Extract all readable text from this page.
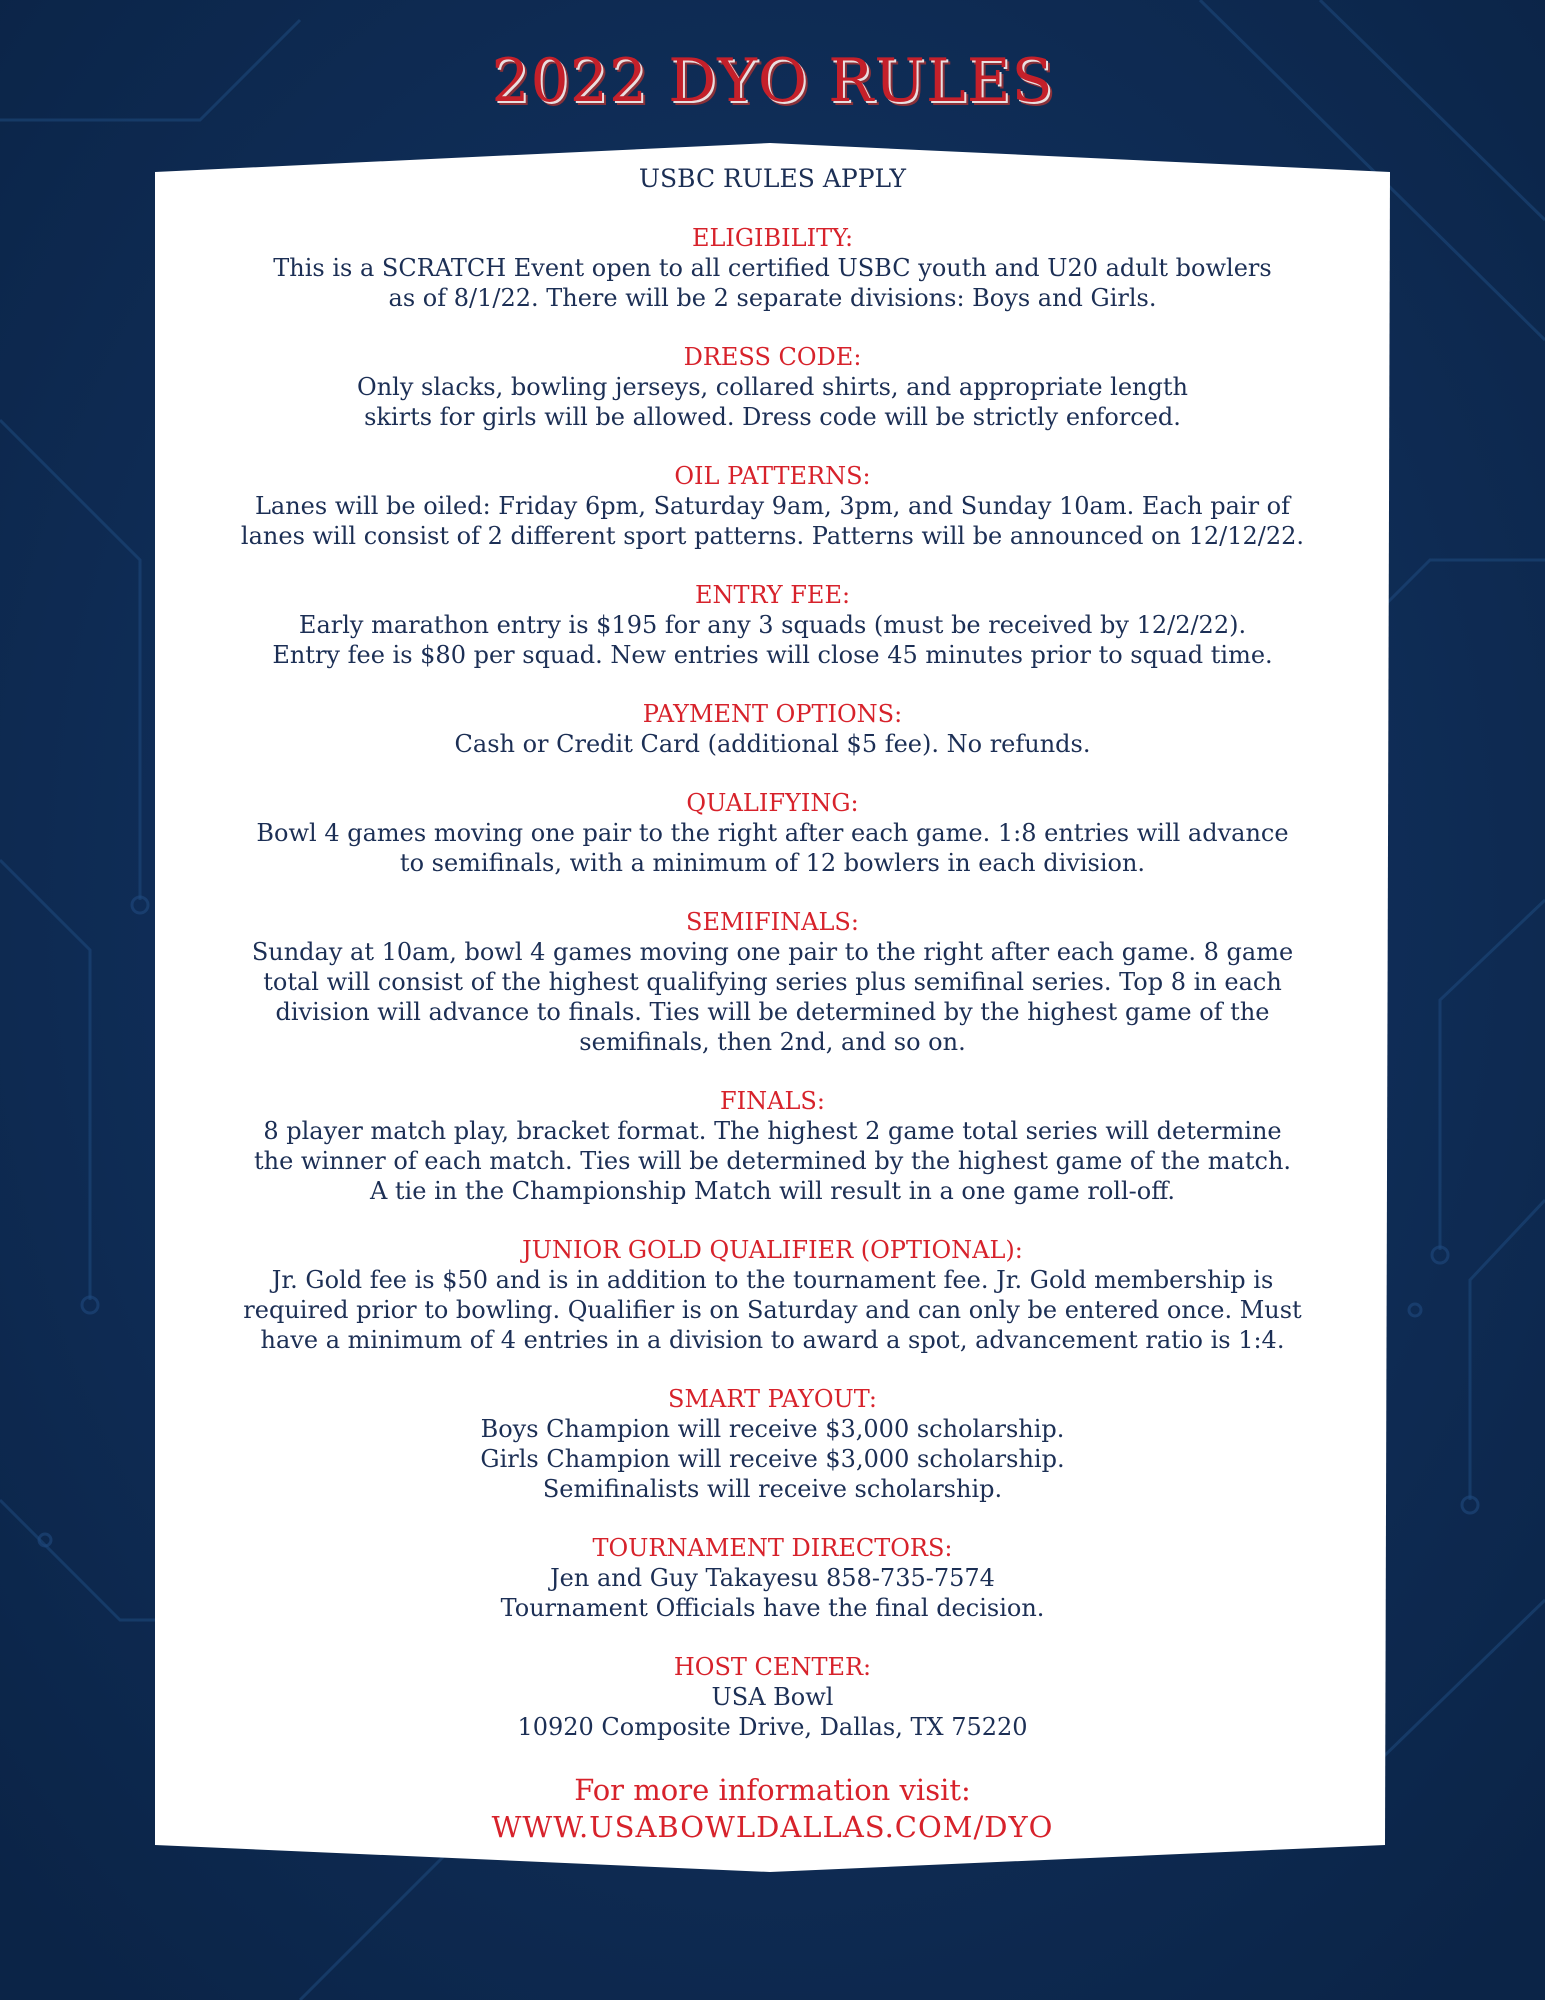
2022 DYO RULES
USBC RULES APPLY
ELIGIBILITY:
This is a SCRATCH Event open to all certified USBC youth and U20 adult bowlers
as of 8/1/22. There will be 2 separate divisions: Boys and Girls.
DRESS CODE:
Only slacks, bowling jerseys, collared shirts, and appropriate length
skirts for girls will be allowed. Dress code will be strictly enforced.
OIL PATTERNS:
Lanes will be oiled: Friday 6pm, Saturday 9am, 3pm, and Sunday 10am. Each pair of
lanes will consist of 2 different sport patterns. Patterns will be announced on 12/12/22.
ENTRY FEE:
Early marathon entry is $195 for any 3 squads (must be received by 12/2/22).
Entry fee is $80 per squad. New entries will close 45 minutes prior to squad time.
PAYMENT OPTIONS:
Cash or Credit Card (additional $5 fee). No refunds.
QUALIFYING:
Bowl 4 games moving one pair to the right after each game. 1:8 entries will advance
to semifinals, with a minimum of 12 bowlers in each division.
SEMIFINALS:
Sunday at 10am, bowl 4 games moving one pair to the right after each game. 8 game
total will consist of the highest qualifying series plus semifinal series. Top 8 in each
division will advance to finals. Ties will be determined by the highest game of the
semifinals, then 2nd, and so on.
FINALS:
8 player match play, bracket format. The highest 2 game total series will determine
the winner of each match. Ties will be determined by the highest game of the match.
A tie in the Championship Match will result in a one game roll-off.
JUNIOR GOLD QUALIFIER (OPTIONAL):
Jr. Gold fee is $50 and is in addition to the tournament fee. Jr. Gold membership is
required prior to bowling. Qualifier is on Saturday and can only be entered once. Must
have a minimum of 4 entries in a division to award a spot, advancement ratio is 1:4.
SMART PAYOUT:
Boys Champion will receive $3,000 scholarship.
Girls Champion will receive $3,000 scholarship.
Semifinalists will receive scholarship.
TOURNAMENT DIRECTORS:
Jen and Guy Takayesu 858-735-7574
Tournament Officials have the final decision.
HOST CENTER:
USA Bowl
10920 Composite Drive, Dallas, TX 75220
For more information visit:
WWW.USABOWLDALLAS.COM/DYO
